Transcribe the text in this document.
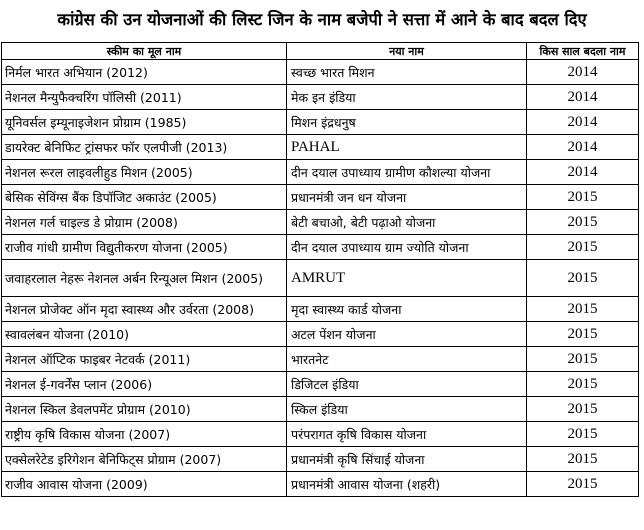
कांग्रेस की उन योजनाओं की लिस्ट जिन के नाम बजेपी ने सत्ता में आने के बाद बदल दिए
स्कीम का मूल नाम	नया नाम	किस साल बदला नाम
निर्मल भारत अभियान (2012)	स्वच्छ भारत मिशन	2014
नेशनल मैन्युफैक्चरिंग पॉलिसी (2011)	मेक इन इंडिया	2014
यूनिवर्सल इम्यूनाइजेशन प्रोग्राम (1985)	मिशन इंद्रधनुष	2014
डायरेक्ट बेनिफिट ट्रांसफर फॉर एलपीजी (2013)	PAHAL	2014
नेशनल रूरल लाइवलीहुड मिशन (2005)	दीन दयाल उपाध्याय ग्रामीण कौशल्या योजना	2014
बेसिक सेविंग्स बैंक डिपॉजिट अकाउंट (2005)	प्रधानमंत्री जन धन योजना	2015
नेशनल गर्ल चाइल्ड डे प्रोग्राम (2008)	बेटी बचाओ, बेटी पढ़ाओ योजना	2015
राजीव गांधी ग्रामीण विद्युतीकरण योजना (2005)	दीन दयाल उपाध्याय ग्राम ज्योति योजना	2015
जवाहरलाल नेहरू नेशनल अर्बन रिन्यूअल मिशन (2005)	AMRUT	2015
नेशनल प्रोजेक्ट ऑन मृदा स्वास्थ्य और उर्वरता (2008)	मृदा स्वास्थ्य कार्ड योजना	2015
स्वावलंबन योजना (2010)	अटल पेंशन योजना	2015
नेशनल ऑप्टिक फाइबर नेटवर्क (2011)	भारतनेट	2015
नेशनल ई-गवर्नेंस प्लान (2006)	डिजिटल इंडिया	2015
नेशनल स्किल डेवलपमेंट प्रोग्राम (2010)	स्किल इंडिया	2015
राष्ट्रीय कृषि विकास योजना (2007)	परंपरागत कृषि विकास योजना	2015
एक्सेलरेटेड इरिगेशन बेनिफिट्स प्रोग्राम (2007)	प्रधानमंत्री कृषि सिंचाई योजना	2015
राजीव आवास योजना (2009)	प्रधानमंत्री आवास योजना (शहरी)	2015
